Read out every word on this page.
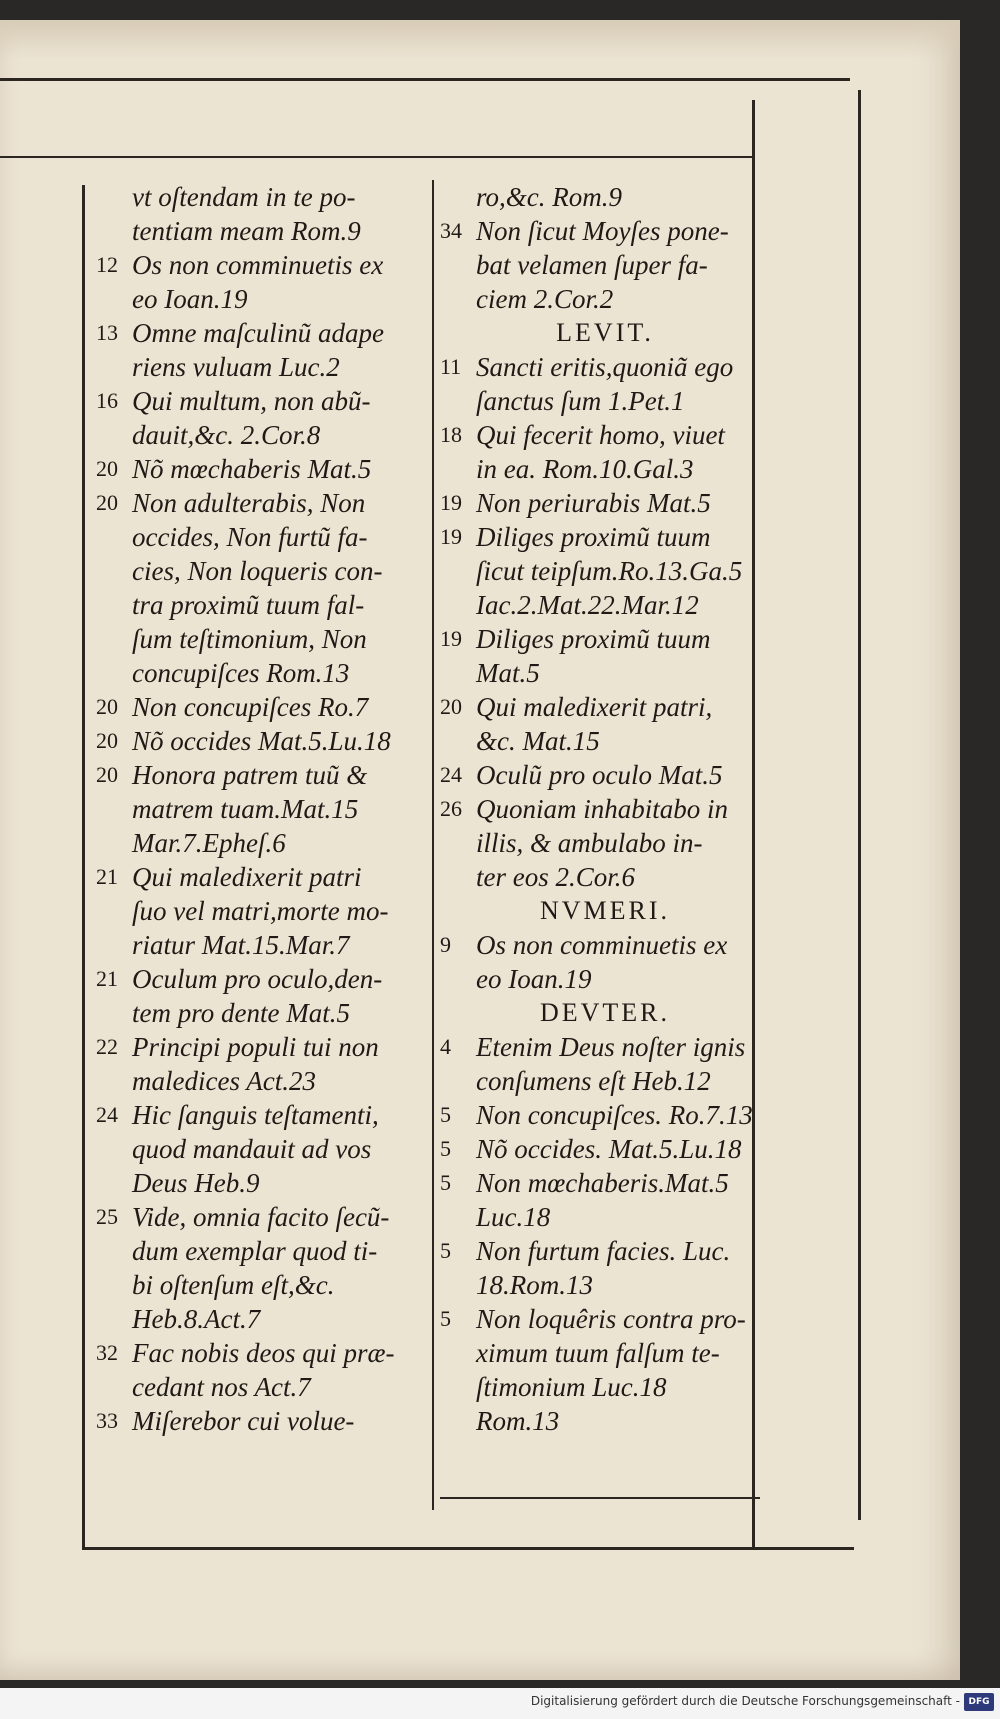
vt oſtendam in te po-
tentiam meam Rom.9
12 Os non comminuetis ex
eo Ioan.19
13 Omne maſculinũ adape
riens vuluam Luc.2
16 Qui multum, non abũ-
dauit,&c. 2.Cor.8
20 Nõ mœchaberis Mat.5
20 Non adulterabis, Non
occides, Non furtũ fa-
cies, Non loqueris con-
tra proximũ tuum fal-
ſum teſtimonium, Non
concupiſces Rom.13
20 Non concupiſces Ro.7
20 Nõ occides Mat.5.Lu.18
20 Honora patrem tuũ &
matrem tuam.Mat.15
Mar.7.Epheſ.6
21 Qui maledixerit patri
ſuo vel matri,morte mo-
riatur Mat.15.Mar.7
21 Oculum pro oculo,den-
tem pro dente Mat.5
22 Principi populi tui non
maledices Act.23
24 Hic ſanguis teſtamenti,
quod mandauit ad vos
Deus Heb.9
25 Vide, omnia facito ſecũ-
dum exemplar quod ti-
bi oſtenſum eſt,&c.
Heb.8.Act.7
32 Fac nobis deos qui præ-
cedant nos Act.7
33 Miſerebor cui volue-
ro,&c. Rom.9
34 Non ſicut Moyſes pone-
bat velamen ſuper fa-
ciem 2.Cor.2
LEVIT.
11 Sancti eritis,quoniã ego
ſanctus ſum 1.Pet.1
18 Qui fecerit homo, viuet
in ea. Rom.10.Gal.3
19 Non periurabis Mat.5
19 Diliges proximũ tuum
ſicut teipſum.Ro.13.Ga.5
Iac.2.Mat.22.Mar.12
19 Diliges proximũ tuum
Mat.5
20 Qui maledixerit patri,
&c. Mat.15
24 Oculũ pro oculo Mat.5
26 Quoniam inhabitabo in
illis, & ambulabo in-
ter eos 2.Cor.6
NVMERI.
9 Os non comminuetis ex
eo Ioan.19
DEVTER.
4 Etenim Deus noſter ignis
conſumens eſt Heb.12
5 Non concupiſces. Ro.7.13
5 Nõ occides. Mat.5.Lu.18
5 Non mœchaberis.Mat.5
Luc.18
5 Non furtum facies. Luc.
18.Rom.13
5 Non loquêris contra pro-
ximum tuum falſum te-
ſtimonium Luc.18
Rom.13
Digitalisierung gefördert durch die Deutsche Forschungsgemeinschaft - DFG
